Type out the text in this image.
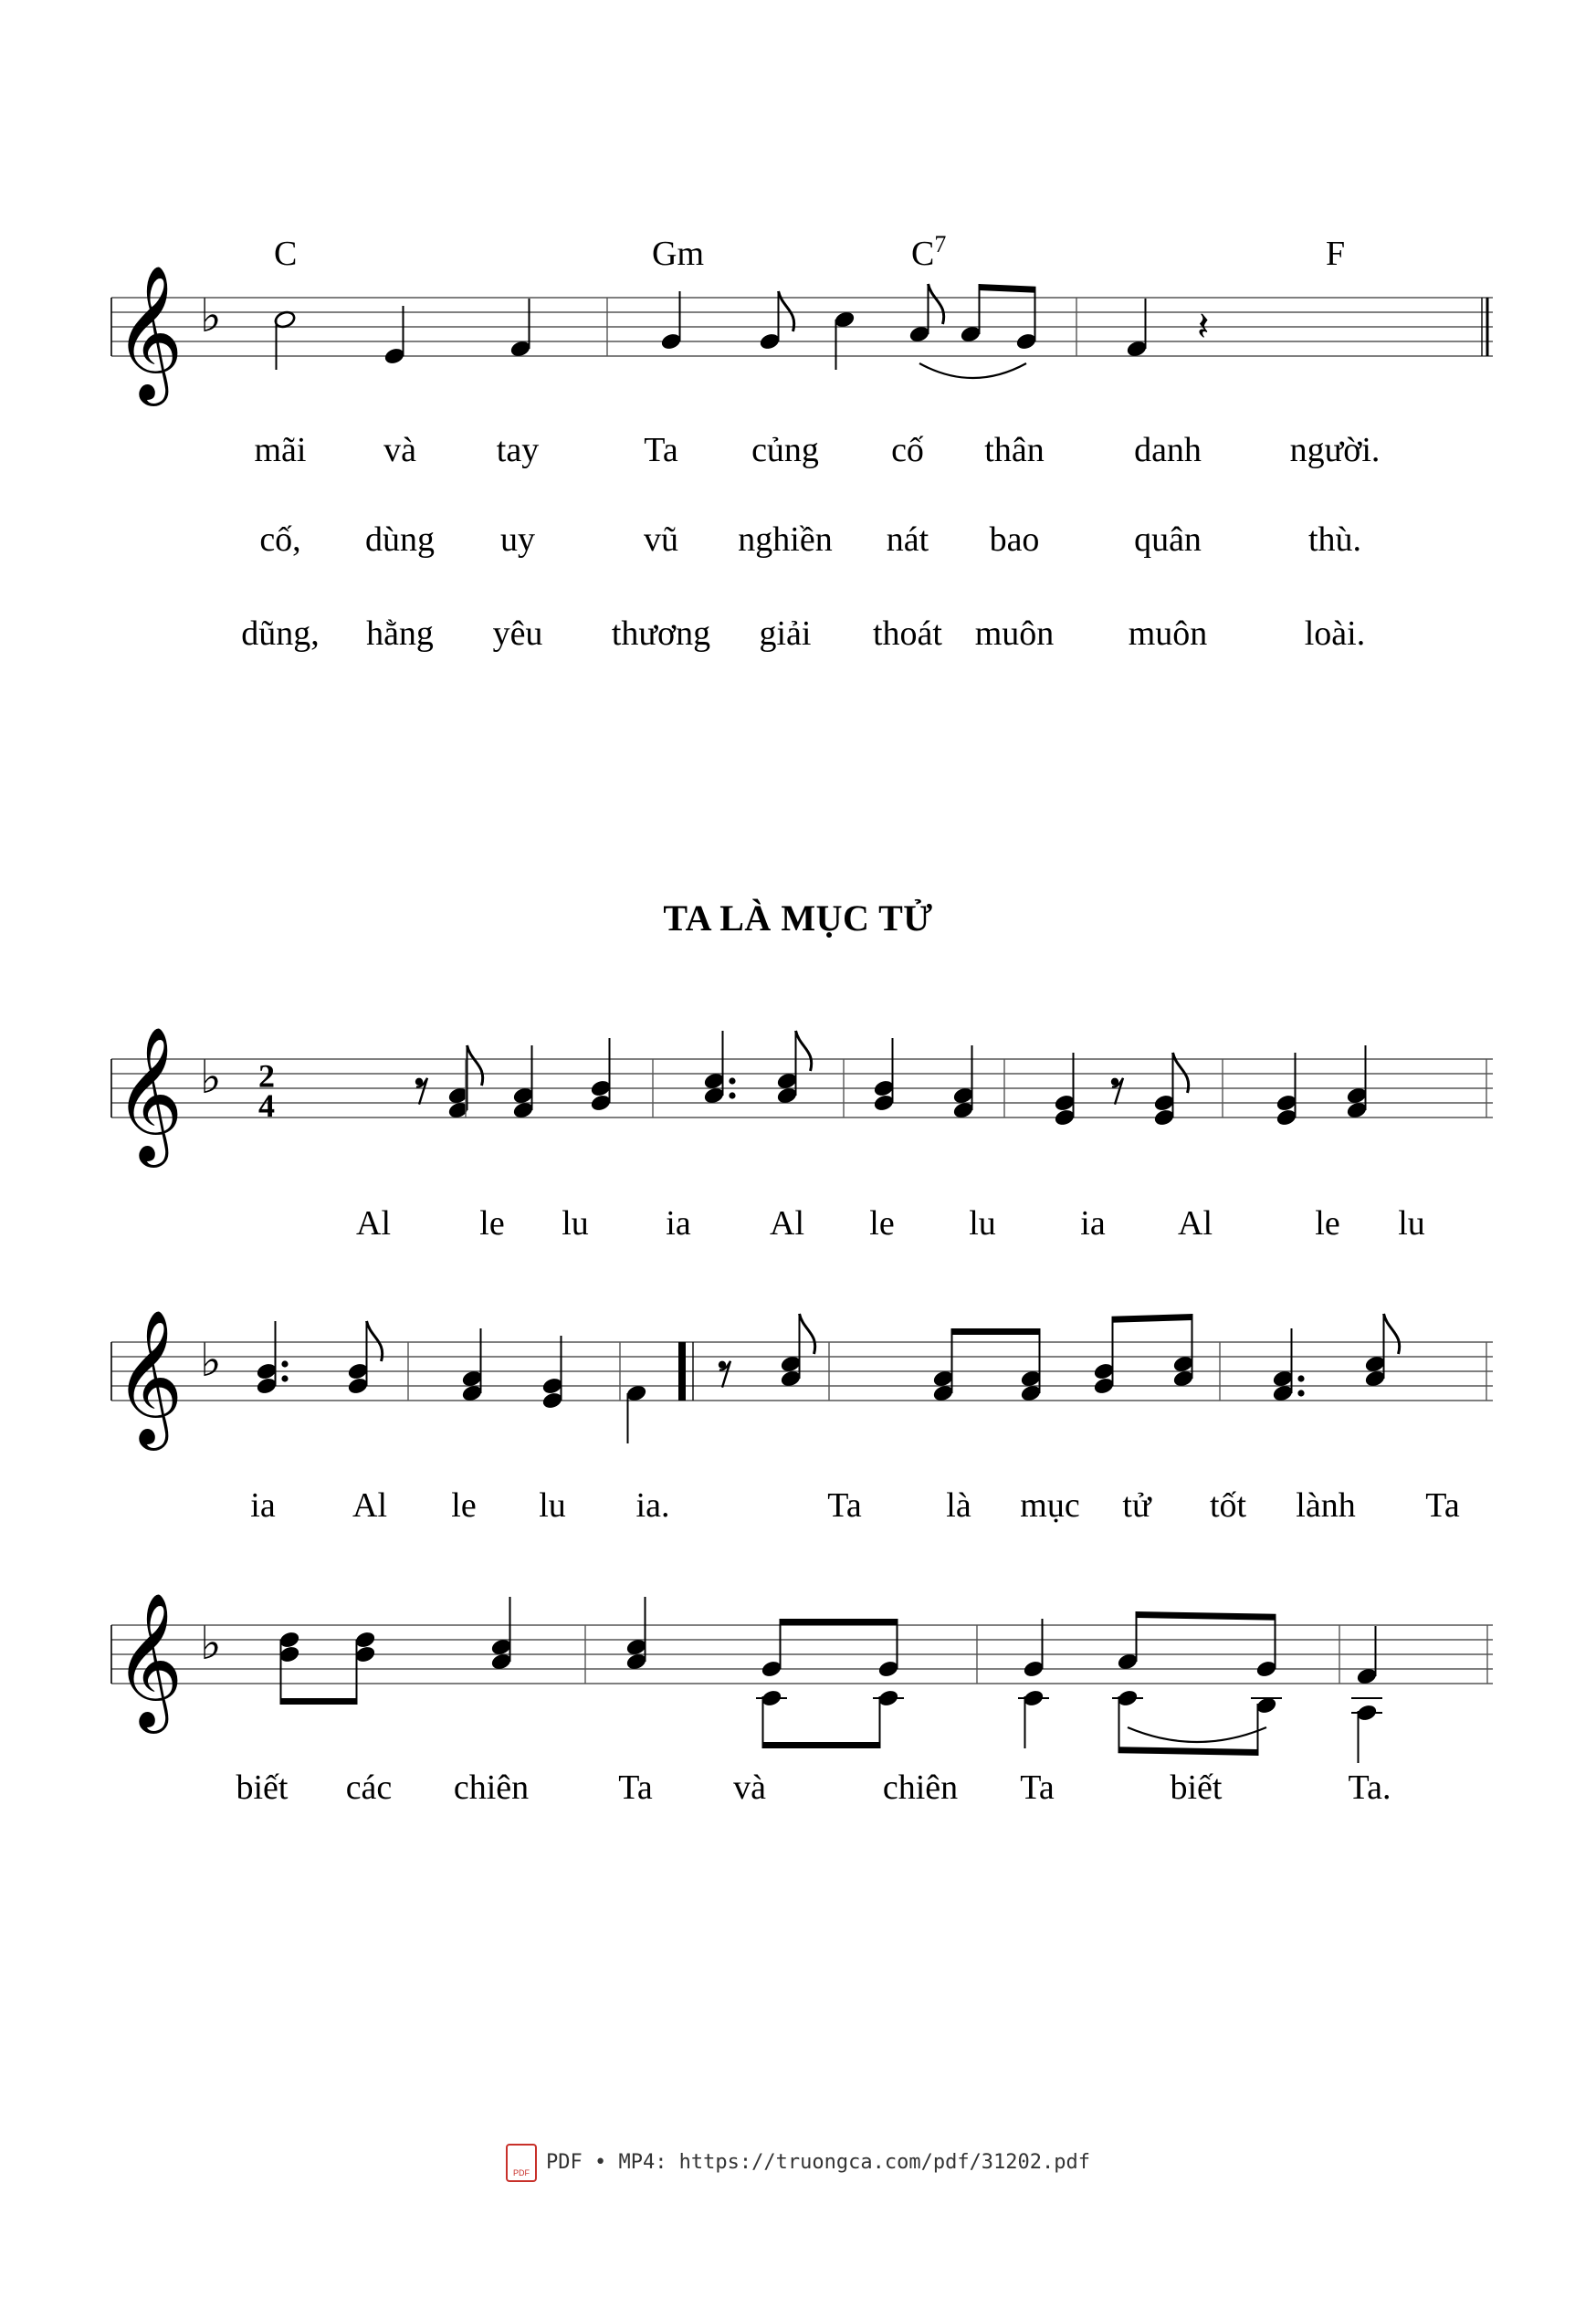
𝄞 ♭	𝄽
mãi và tay	Ta củng cố thân	danh	người.
cố, dùng uy	vũ nghiền nát bao	quân	thù.
dũng, hằng yêu thương giải thoát muôn muôn	loài.
𝄞 ♭ 2
4
Al	le lu ia Al le lu ia Al	le lu
𝄞 ♭
ia Al le lu ia.	Ta là mục tử tốt lành Ta
𝄞 ♭
biết các chiên	Ta và	chiên Ta	biết	Ta.
C	Gm	$C^7$	F
TA LÀ MỤC TỬ
PDF PDF • MP4: https://truongca.com/pdf/31202.pdf
